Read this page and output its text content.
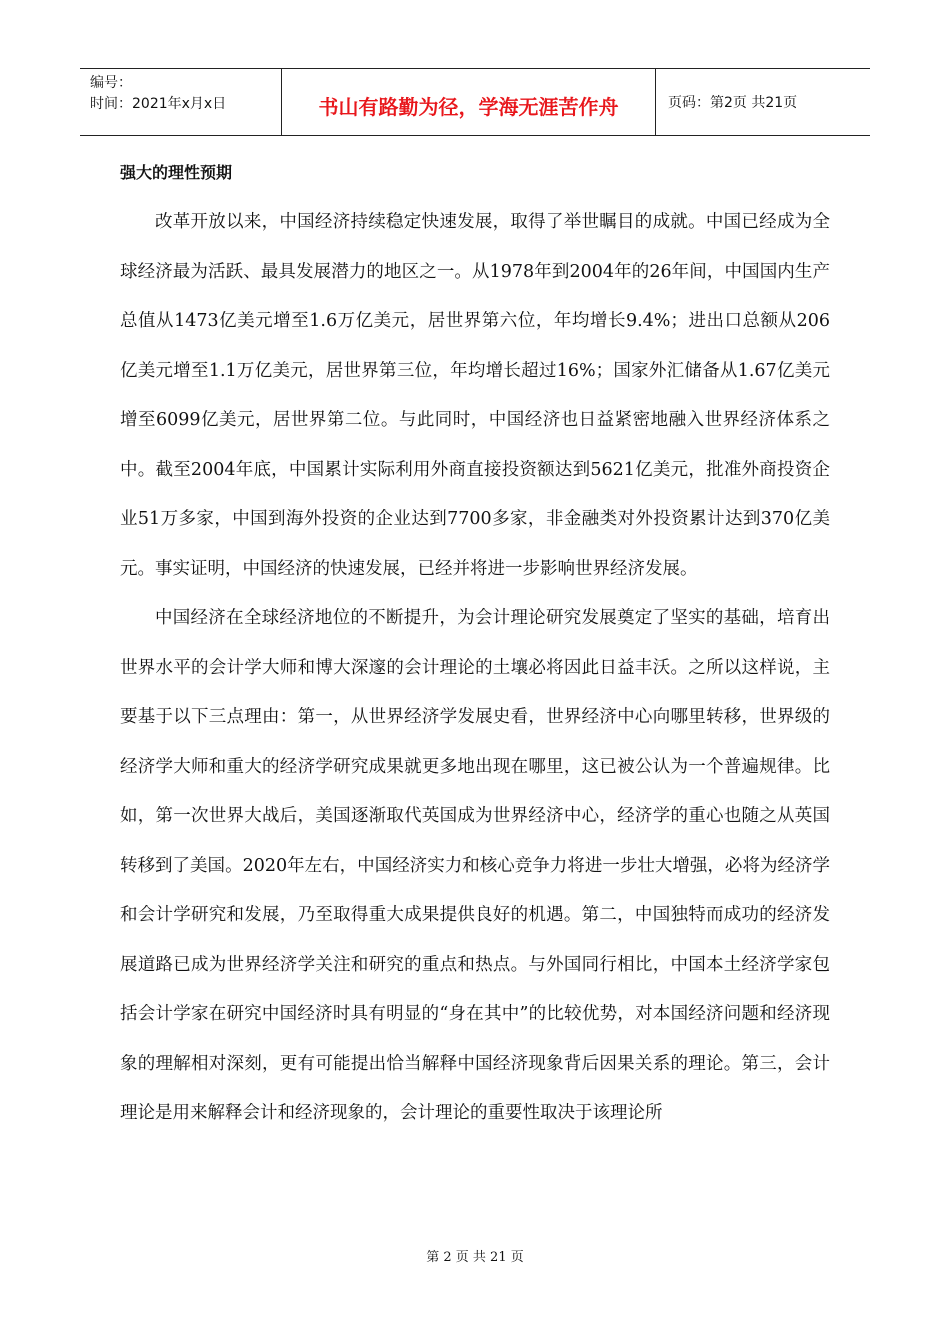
编号：
时间：2021年x月x日	书山有路勤为径，学海无涯苦作舟	页码：第2页 共21页
强大的理性预期

改革开放以来，中国经济持续稳定快速发展，取得了举世瞩目的成就。中国已经成为全球经济最为活跃、最具发展潜力的地区之一。从1978年到2004年的26年间，中国国内生产总值从1473亿美元增至1.6万亿美元，居世界第六位，年均增长9.4%；进出口总额从206亿美元增至1.1万亿美元，居世界第三位，年均增长超过16%；国家外汇储备从1.67亿美元增至6099亿美元，居世界第二位。与此同时，中国经济也日益紧密地融入世界经济体系之中。截至2004年底，中国累计实际利用外商直接投资额达到5621亿美元，批准外商投资企业51万多家，中国到海外投资的企业达到7700多家，非金融类对外投资累计达到370亿美元。事实证明，中国经济的快速发展，已经并将进一步影响世界经济发展。

中国经济在全球经济地位的不断提升，为会计理论研究发展奠定了坚实的基础，培育出世界水平的会计学大师和博大深邃的会计理论的土壤必将因此日益丰沃。之所以这样说，主要基于以下三点理由：第一，从世界经济学发展史看，世界经济中心向哪里转移，世界级的经济学大师和重大的经济学研究成果就更多地出现在哪里，这已被公认为一个普遍规律。比如，第一次世界大战后，美国逐渐取代英国成为世界经济中心，经济学的重心也随之从英国转移到了美国。2020年左右，中国经济实力和核心竞争力将进一步壮大增强，必将为经济学和会计学研究和发展，乃至取得重大成果提供良好的机遇。第二，中国独特而成功的经济发展道路已成为世界经济学关注和研究的重点和热点。与外国同行相比，中国本土经济学家包括会计学家在研究中国经济时具有明显的“身在其中”的比较优势，对本国经济问题和经济现象的理解相对深刻，更有可能提出恰当解释中国经济现象背后因果关系的理论。第三，会计理论是用来解释会计和经济现象的，会计理论的重要性取决于该理论所

第 2 页 共 21 页
